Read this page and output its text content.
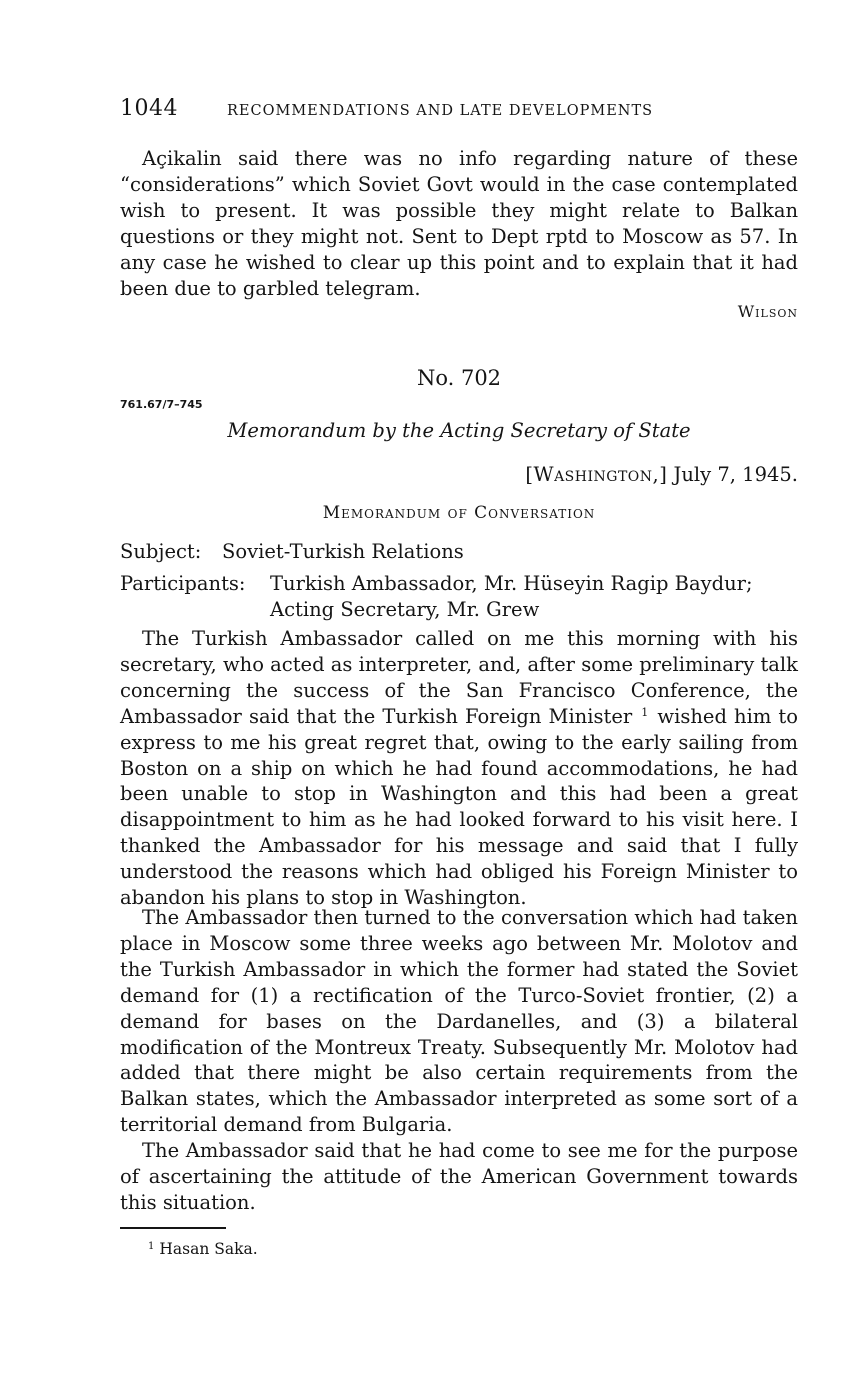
1044	RECOMMENDATIONS AND LATE DEVELOPMENTS

Açikalin said there was no info regarding nature of these “considerations” which Soviet Govt would in the case contemplated wish to present. It was possible they might relate to Balkan questions or they might not. Sent to Dept rptd to Moscow as 57. In any case he wished to clear up this point and to explain that it had been due to garbled telegram.

Wilson
No. 702
761.67/7–745
Memorandum by the Acting Secretary of State
[Washington,] July 7, 1945.
Memorandum of Conversation
Subject: Soviet-Turkish Relations
Participants: Turkish Ambassador, Mr. Hüseyin Ragip Baydur;
Acting Secretary, Mr. Grew

The Turkish Ambassador called on me this morning with his secretary, who acted as interpreter, and, after some preliminary talk concerning the success of the San Francisco Conference, the Ambassador said that the Turkish Foreign Minister $^1$ wished him to express to me his great regret that, owing to the early sailing from Boston on a ship on which he had found accommodations, he had been unable to stop in Washington and this had been a great disappointment to him as he had looked forward to his visit here. I thanked the Ambassador for his message and said that I fully understood the reasons which had obliged his Foreign Minister to abandon his plans to stop in Washington.

The Ambassador then turned to the conversation which had taken place in Moscow some three weeks ago between Mr. Molotov and the Turkish Ambassador in which the former had stated the Soviet demand for (1) a rectification of the Turco-Soviet frontier, (2) a demand for bases on the Dardanelles, and (3) a bilateral modification of the Montreux Treaty. Subsequently Mr. Molotov had added that there might be also certain requirements from the Balkan states, which the Ambassador interpreted as some sort of a territorial demand from Bulgaria.

The Ambassador said that he had come to see me for the purpose of ascertaining the attitude of the American Government towards this situation.

$^1$ Hasan Saka.
